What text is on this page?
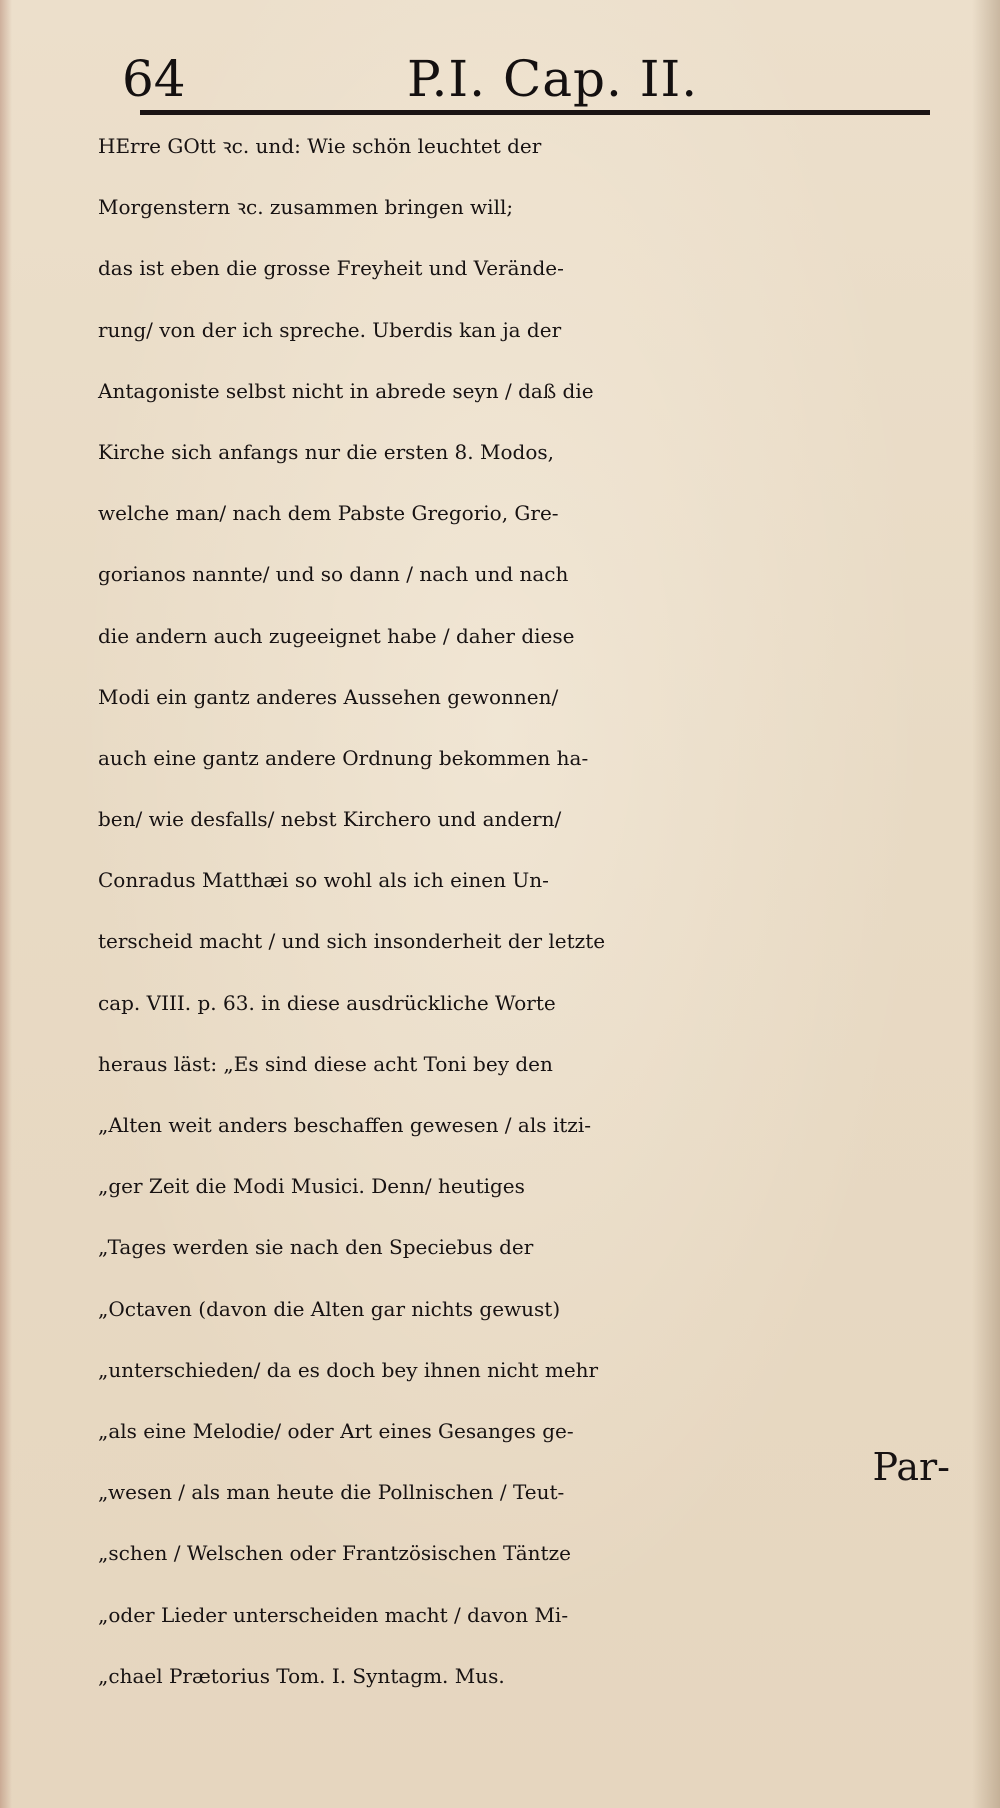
64	P.I. Cap. II.
HErre GOtt ꝛc. und: Wie schön leuchtet der
Morgenstern ꝛc. zusammen bringen will;
das ist eben die grosse Freyheit und Verände-
rung/ von der ich spreche. Uberdis kan ja der
Antagoniste selbst nicht in abrede seyn / daß die
Kirche sich anfangs nur die ersten 8. Modos,
welche man/ nach dem Pabste Gregorio, Gre-
gorianos nannte/ und so dann / nach und nach
die andern auch zugeeignet habe / daher diese
Modi ein gantz anderes Aussehen gewonnen/
auch eine gantz andere Ordnung bekommen ha-
ben/ wie desfalls/ nebst Kirchero und andern/
Conradus Matthæi so wohl als ich einen Un-
terscheid macht / und sich insonderheit der letzte
cap. VIII. p. 63. in diese ausdrückliche Worte
heraus läst: „Es sind diese acht Toni bey den
„Alten weit anders beschaffen gewesen / als itzi-
„ger Zeit die Modi Musici. Denn/ heutiges
„Tages werden sie nach den Speciebus der
„Octaven (davon die Alten gar nichts gewust)
„unterschieden/ da es doch bey ihnen nicht mehr
„als eine Melodie/ oder Art eines Gesanges ge-
„wesen / als man heute die Pollnischen / Teut-
„schen / Welschen oder Frantzösischen Täntze
„oder Lieder unterscheiden macht / davon Mi-
„chael Prætorius Tom. I. Syntagm. Mus.
Par-
